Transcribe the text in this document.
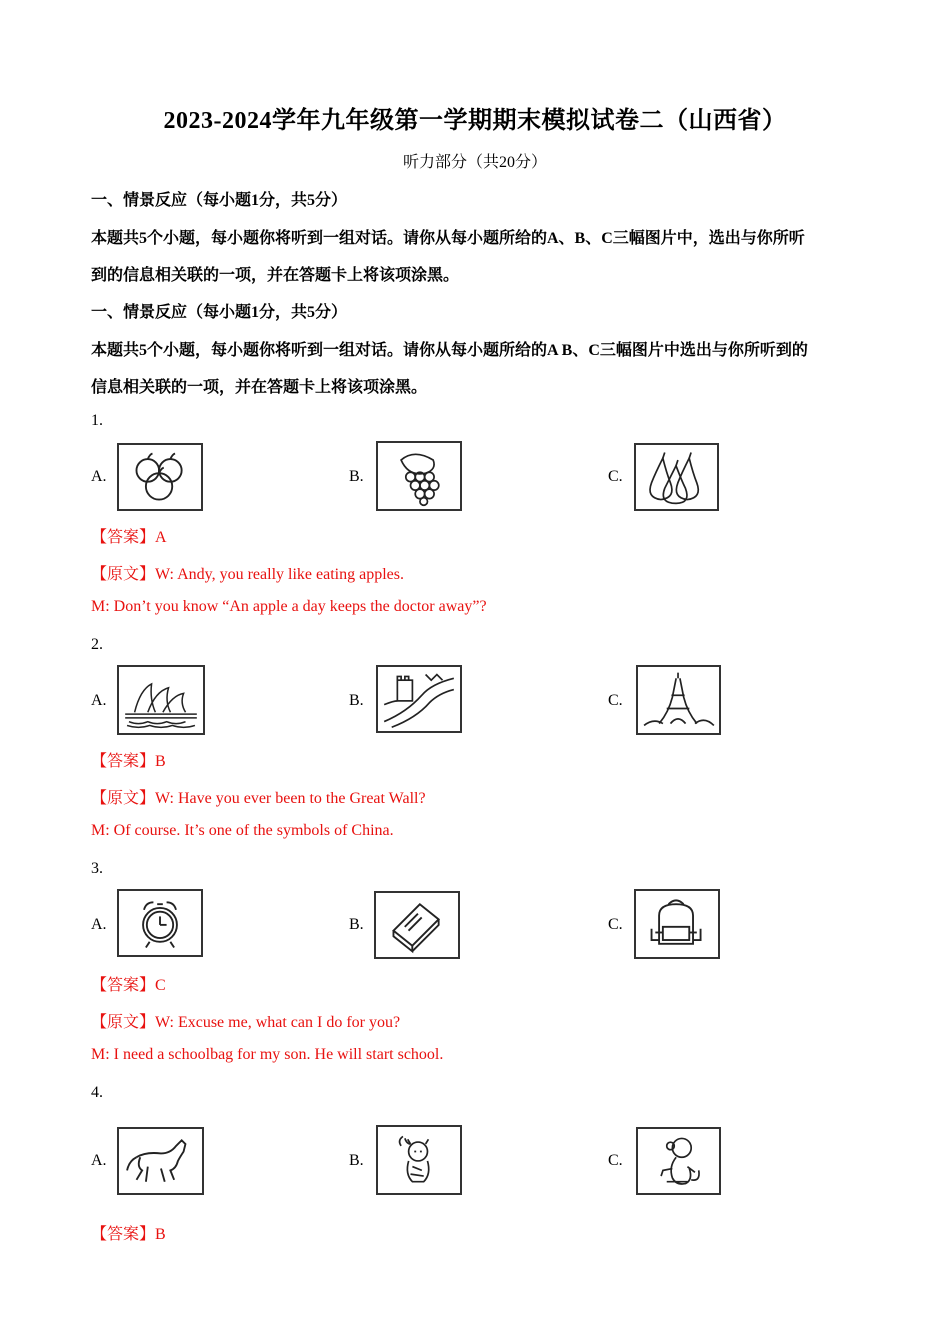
2023-2024学年九年级第一学期期末模拟试卷二（山西省）
听力部分（共20分）
一、情景反应（每小题1分，共5分）
本题共5个小题，每小题你将听到一组对话。请你从每小题所给的A、B、C三幅图片中，选出与你所听
到的信息相关联的一项，并在答题卡上将该项涂黑。
一、情景反应（每小题1分，共5分）
本题共5个小题，每小题你将听到一组对话。请你从每小题所给的A B、C三幅图片中选出与你所听到的
信息相关联的一项，并在答题卡上将该项涂黑。
1.
A.	B.	C.
【答案】A
【原文】W: Andy, you really like eating apples.
M: Don’t you know “An apple a day keeps the doctor away”?
2.
A.	B.	C.
【答案】B
【原文】W: Have you ever been to the Great Wall?
M: Of course. It’s one of the symbols of China.
3.
A.	B.	C.
【答案】C
【原文】W: Excuse me, what can I do for you?
M: I need a schoolbag for my son. He will start school.
4.
A.	B.	C.
【答案】B
